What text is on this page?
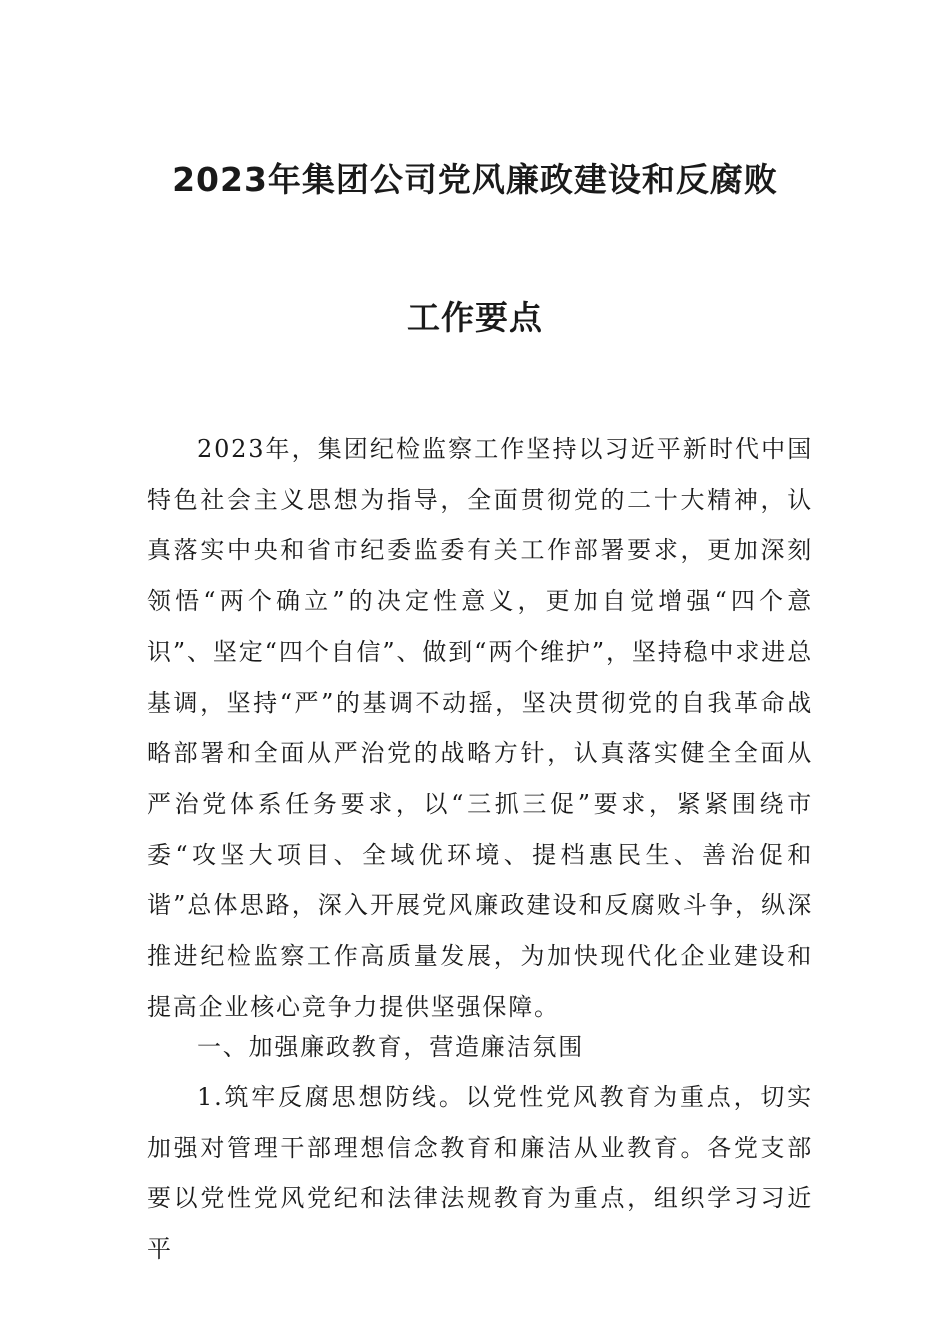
2023年集团公司党风廉政建设和反腐败
工作要点

2023年，集团纪检监察工作坚持以习近平新时代中国特色社会主义思想为指导，全面贯彻党的二十大精神，认真落实中央和省市纪委监委有关工作部署要求，更加深刻领悟“两个确立”的决定性意义，更加自觉增强“四个意识”、坚定“四个自信”、做到“两个维护”，坚持稳中求进总基调，坚持“严”的基调不动摇，坚决贯彻党的自我革命战略部署和全面从严治党的战略方针，认真落实健全全面从严治党体系任务要求，以“三抓三促”要求，紧紧围绕市委“攻坚大项目、全域优环境、提档惠民生、善治促和谐”总体思路，深入开展党风廉政建设和反腐败斗争，纵深推进纪检监察工作高质量发展，为加快现代化企业建设和提高企业核心竞争力提供坚强保障。

一、加强廉政教育，营造廉洁氛围

1.筑牢反腐思想防线。以党性党风教育为重点，切实加强对管理干部理想信念教育和廉洁从业教育。各党支部要以党性党风党纪和法律法规教育为重点，组织学习习近平
